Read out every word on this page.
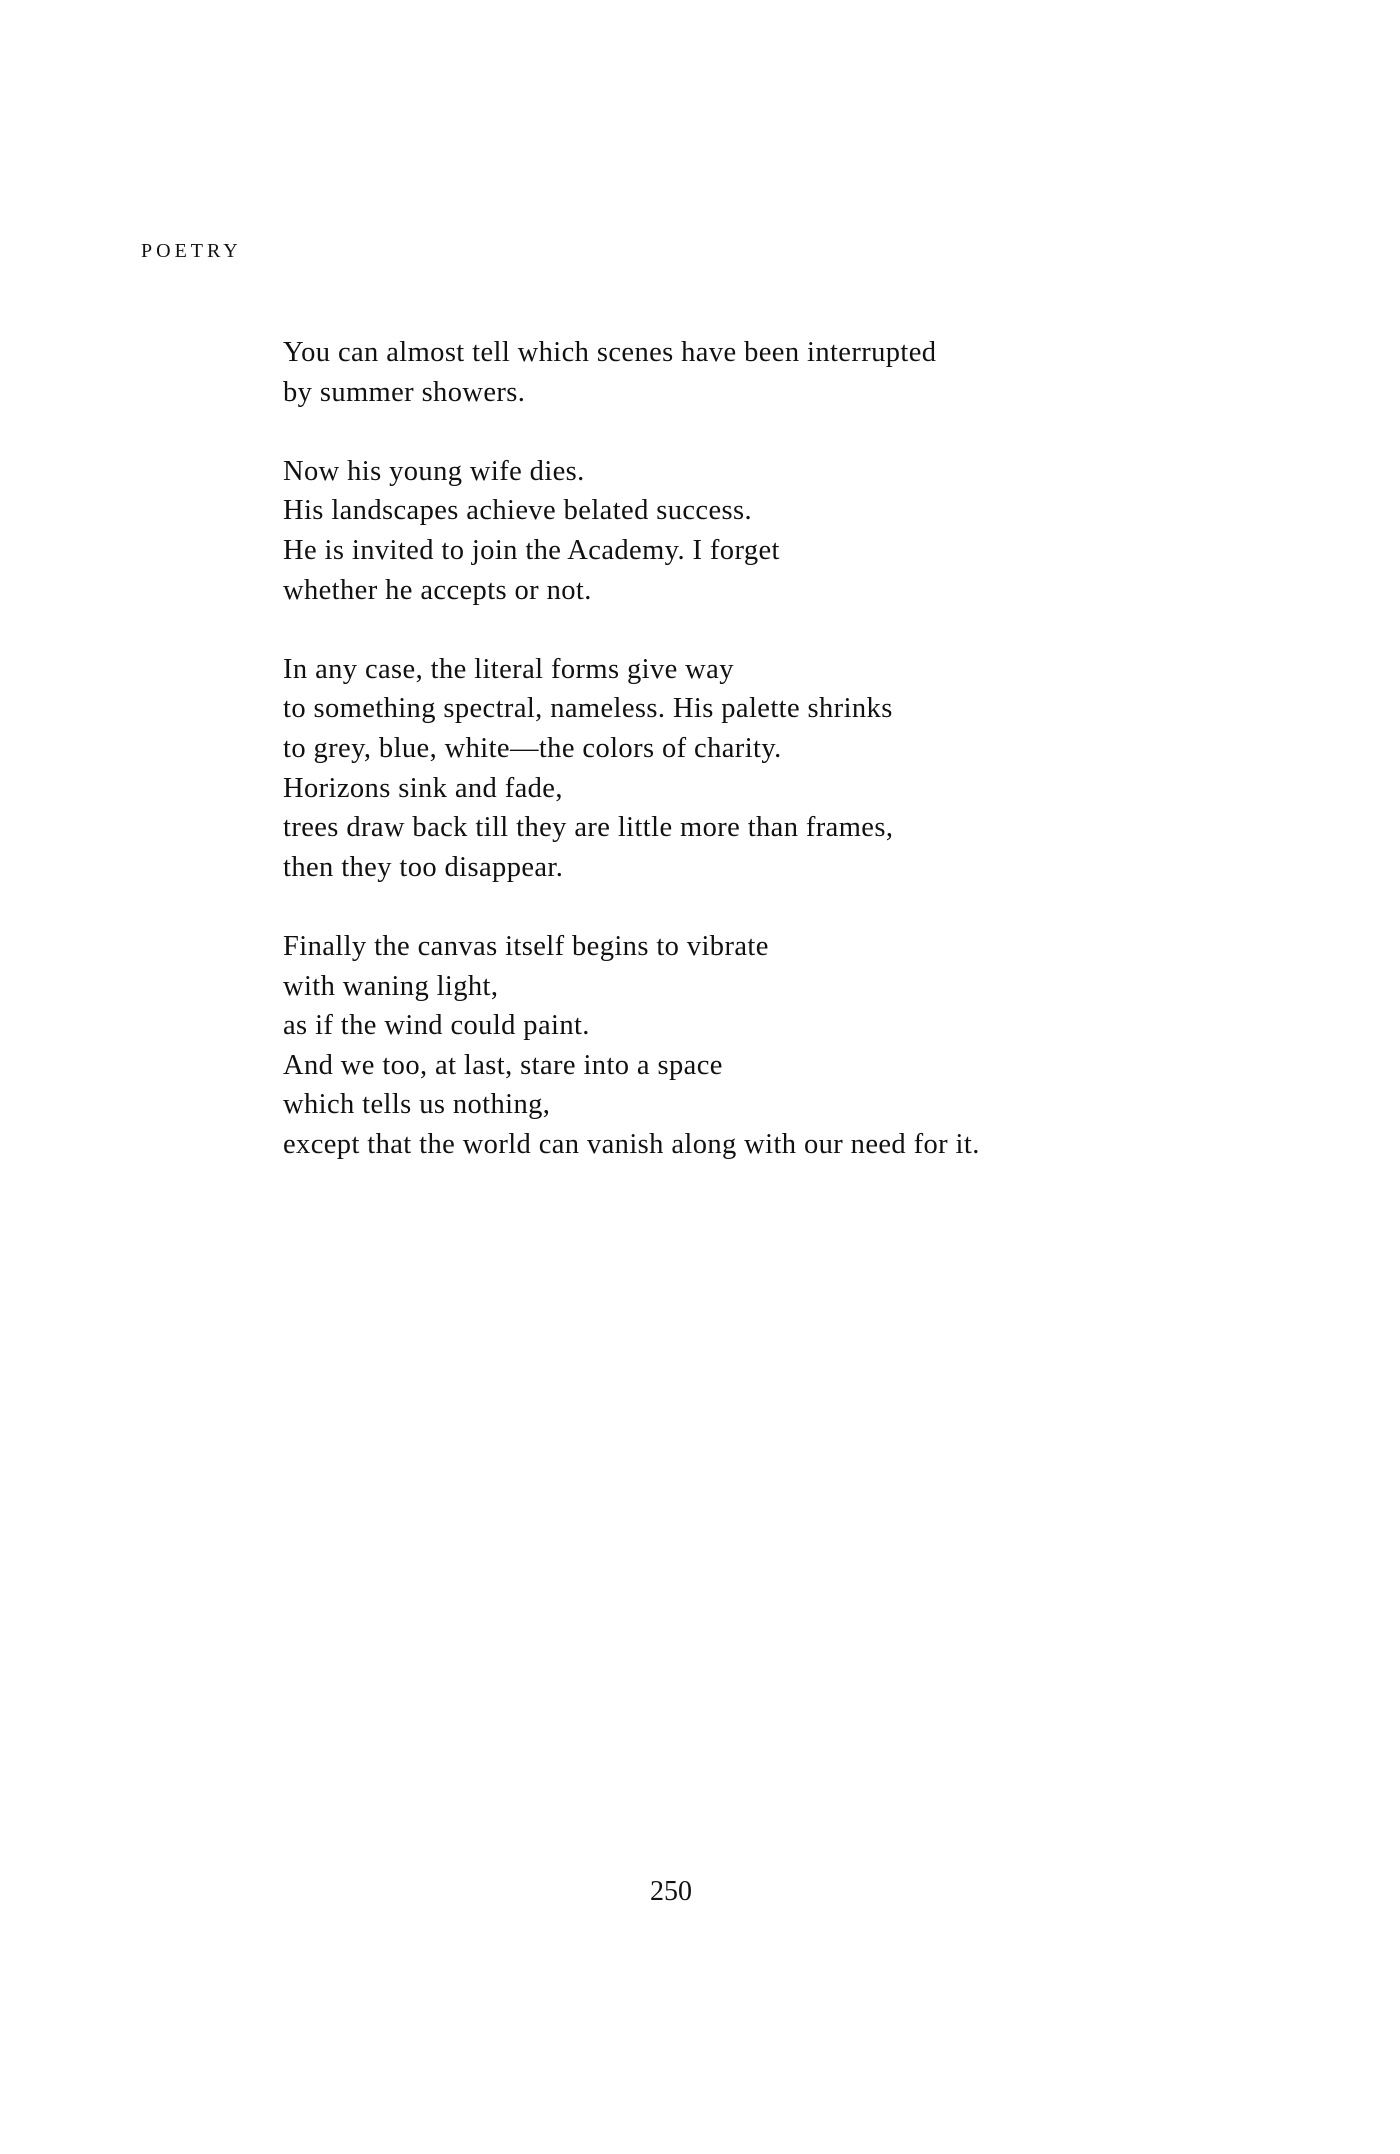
POETRY
You can almost tell which scenes have been interrupted
by summer showers.
Now his young wife dies.
His landscapes achieve belated success.
He is invited to join the Academy. I forget
whether he accepts or not.
In any case, the literal forms give way
to something spectral, nameless. His palette shrinks
to grey, blue, white—the colors of charity.
Horizons sink and fade,
trees draw back till they are little more than frames,
then they too disappear.
Finally the canvas itself begins to vibrate
with waning light,
as if the wind could paint.
And we too, at last, stare into a space
which tells us nothing,
except that the world can vanish along with our need for it.
250
